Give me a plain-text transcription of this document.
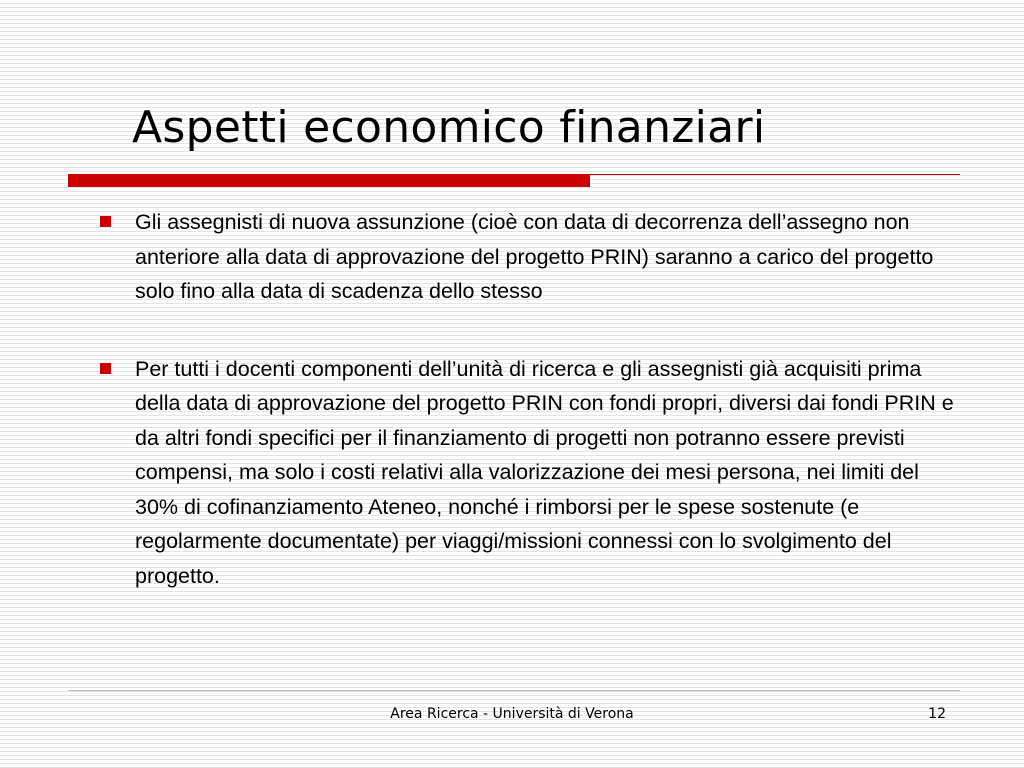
Aspetti economico finanziari
Gli assegnisti di nuova assunzione (cioè con data di decorrenza dell’assegno non anteriore alla data di approvazione del progetto PRIN) saranno a carico del progetto solo fino alla data di scadenza dello stesso
Per tutti i docenti componenti dell’unità di ricerca e gli assegnisti già acquisiti prima della data di approvazione del progetto PRIN con fondi propri, diversi dai fondi PRIN e da altri fondi specifici per il finanziamento di progetti non potranno essere previsti compensi, ma solo i costi relativi alla valorizzazione dei mesi persona, nei limiti del 30% di cofinanziamento Ateneo, nonché i rimborsi per le spese sostenute (e regolarmente documentate) per viaggi/missioni connessi con lo svolgimento del progetto.
Area Ricerca - Università di Verona	12
